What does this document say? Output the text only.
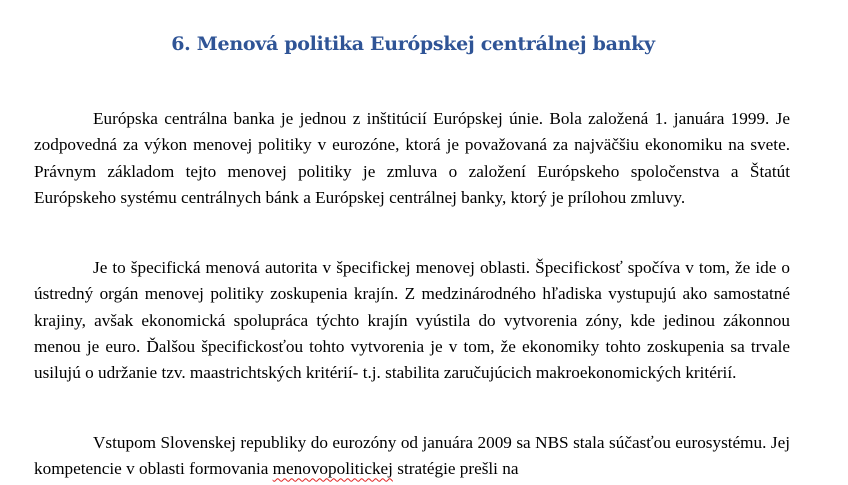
6. Menová politika Európskej centrálnej banky

Európska centrálna banka je jednou z inštitúcií Európskej únie. Bola založená 1. januára 1999. Je zodpovedná za výkon menovej politiky v eurozóne, ktorá je považovaná za najväčšiu ekonomiku na svete. Právnym základom tejto menovej politiky je zmluva o založení Európskeho spoločenstva a Štatút Európskeho systému centrálnych bánk a Európskej centrálnej banky, ktorý je prílohou zmluvy.

Je to špecifická menová autorita v špecifickej menovej oblasti. Špecifickosť spočíva v tom, že ide o ústredný orgán menovej politiky zoskupenia krajín. Z medzinárodného hľadiska vystupujú ako samostatné krajiny, avšak ekonomická spolupráca týchto krajín vyústila do vytvorenia zóny, kde jedinou zákonnou menou je euro. Ďalšou špecifickosťou tohto vytvorenia je v tom, že ekonomiky tohto zoskupenia sa trvale usilujú o udržanie tzv. maastrichtských kritérií- t.j. stabilita zaručujúcich makroekonomických kritérií.

Vstupom Slovenskej republiky do eurozóny od januára 2009 sa NBS stala súčasťou eurosystému. Jej kompetencie v oblasti formovania menovopolitickej stratégie prešli na
